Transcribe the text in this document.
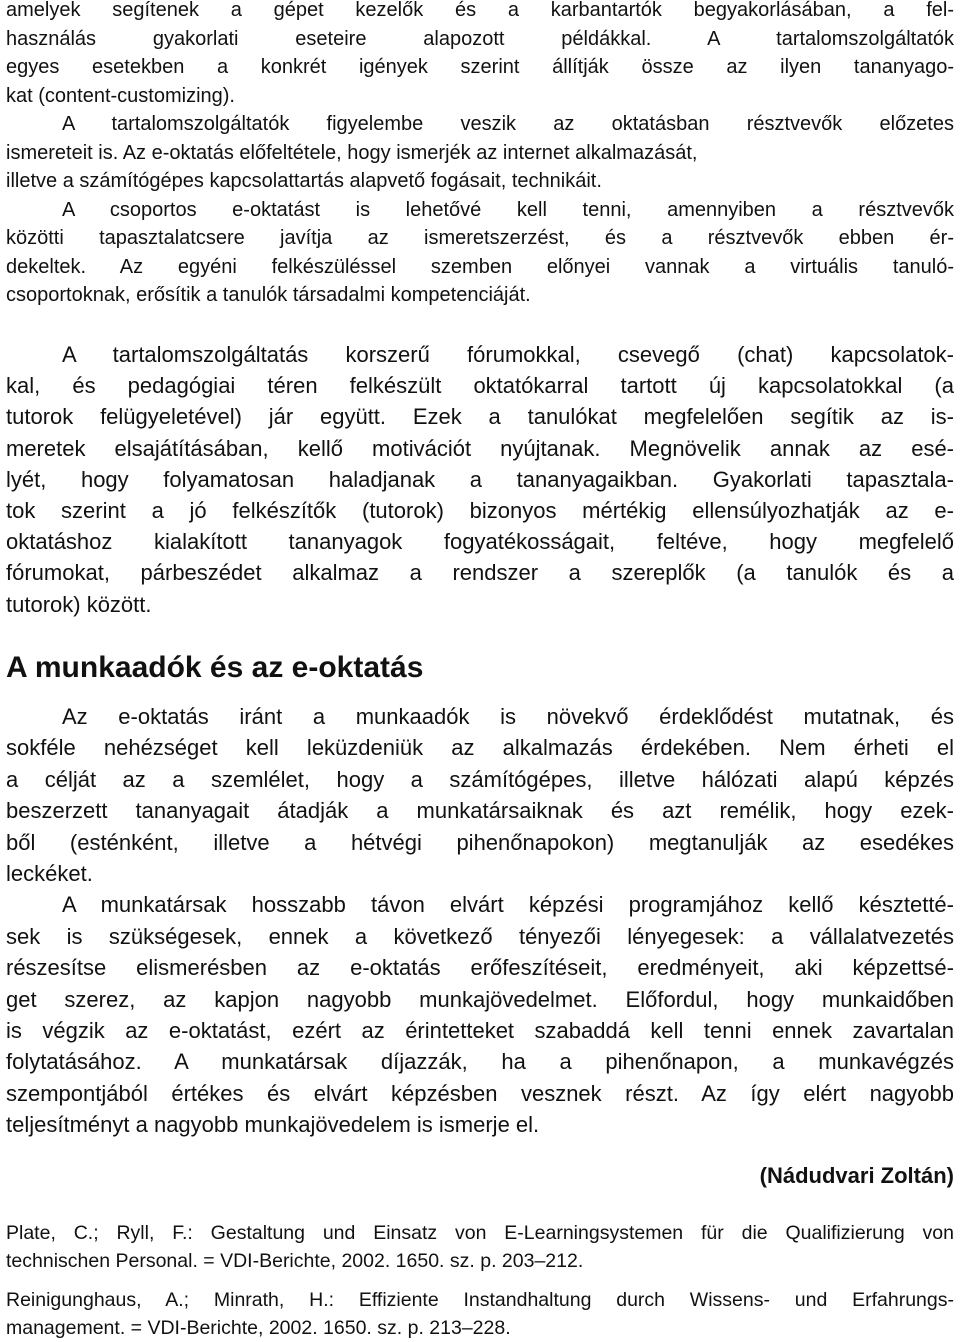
amelyek segítenek a gépet kezelők és a karbantartók begyakorlásában, a fel-
használás gyakorlati eseteire alapozott példákkal. A tartalomszolgáltatók
egyes esetekben a konkrét igények szerint állítják össze az ilyen tananyago-
kat (content-customizing).
A tartalomszolgáltatók figyelembe veszik az oktatásban résztvevők előzetes
ismereteit is. Az e-oktatás előfeltétele, hogy ismerjék az internet alkalmazását,
illetve a számítógépes kapcsolattartás alapvető fogásait, technikáit.
A csoportos e-oktatást is lehetővé kell tenni, amennyiben a résztvevők
közötti tapasztalatcsere javítja az ismeretszerzést, és a résztvevők ebben ér-
dekeltek. Az egyéni felkészüléssel szemben előnyei vannak a virtuális tanuló-
csoportoknak, erősítik a tanulók társadalmi kompetenciáját.
A tartalomszolgáltatás korszerű fórumokkal, csevegő (chat) kapcsolatok-
kal, és pedagógiai téren felkészült oktatókarral tartott új kapcsolatokkal (a
tutorok felügyeletével) jár együtt. Ezek a tanulókat megfelelően segítik az is-
meretek elsajátításában, kellő motivációt nyújtanak. Megnövelik annak az esé-
lyét, hogy folyamatosan haladjanak a tananyagaikban. Gyakorlati tapasztala-
tok szerint a jó felkészítők (tutorok) bizonyos mértékig ellensúlyozhatják az e-
oktatáshoz kialakított tananyagok fogyatékosságait, feltéve, hogy megfelelő
fórumokat, párbeszédet alkalmaz a rendszer a szereplők (a tanulók és a
tutorok) között.
A munkaadók és az e-oktatás
Az e-oktatás iránt a munkaadók is növekvő érdeklődést mutatnak, és
sokféle nehézséget kell leküzdeniük az alkalmazás érdekében. Nem érheti el
a célját az a szemlélet, hogy a számítógépes, illetve hálózati alapú képzés
beszerzett tananyagait átadják a munkatársaiknak és azt remélik, hogy ezek-
ből (esténként, illetve a hétvégi pihenőnapokon) megtanulják az esedékes
leckéket.
A munkatársak hosszabb távon elvárt képzési programjához kellő késztetté-
sek is szükségesek, ennek a következő tényezői lényegesek: a vállalatvezetés
részesítse elismerésben az e-oktatás erőfeszítéseit, eredményeit, aki képzettsé-
get szerez, az kapjon nagyobb munkajövedelmet. Előfordul, hogy munkaidőben
is végzik az e-oktatást, ezért az érintetteket szabaddá kell tenni ennek zavartalan
folytatásához. A munkatársak díjazzák, ha a pihenőnapon, a munkavégzés
szempontjából értékes és elvárt képzésben vesznek részt. Az így elért nagyobb
teljesítményt a nagyobb munkajövedelem is ismerje el.
(Nádudvari Zoltán)
Plate, C.; Ryll, F.: Gestaltung und Einsatz von E-Learningsystemen für die Qualifizierung von
technischen Personal. = VDI-Berichte, 2002. 1650. sz. p. 203–212.
Reinigunghaus, A.; Minrath, H.: Effiziente Instandhaltung durch Wissens- und Erfahrungs-
management. = VDI-Berichte, 2002. 1650. sz. p. 213–228.
